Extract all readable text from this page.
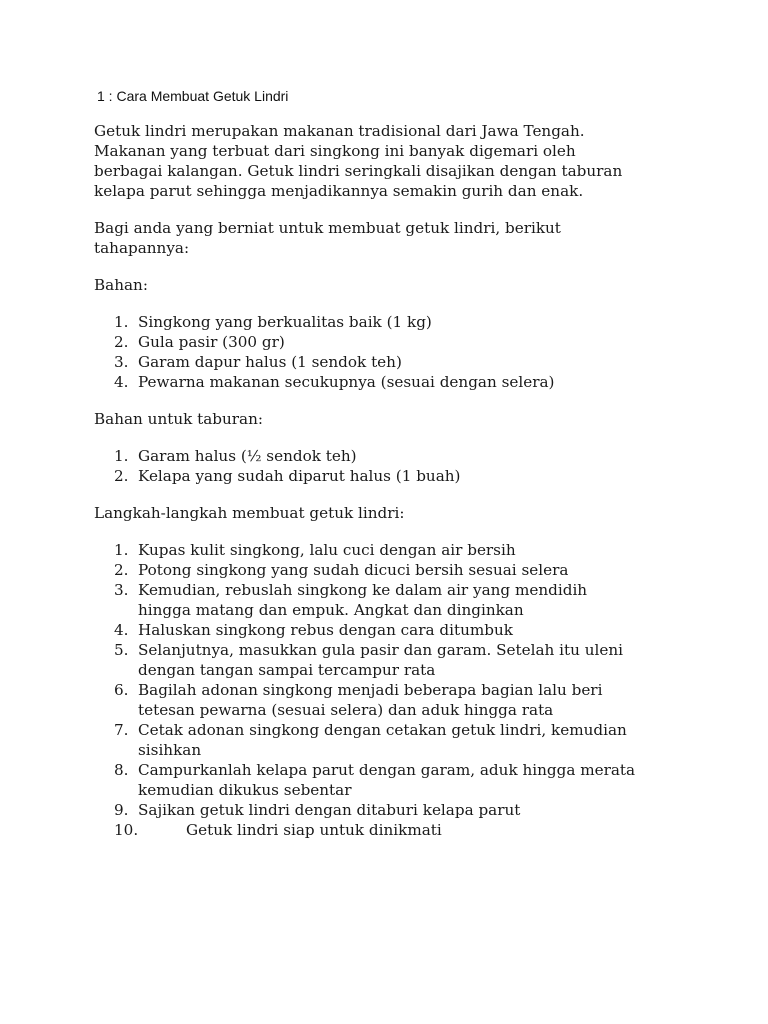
1 : Cara Membuat Getuk Lindri

Getuk lindri merupakan makanan tradisional dari Jawa Tengah.
Makanan yang terbuat dari singkong ini banyak digemari oleh
berbagai kalangan. Getuk lindri seringkali disajikan dengan taburan
kelapa parut sehingga menjadikannya semakin gurih dan enak.

Bagi anda yang berniat untuk membuat getuk lindri, berikut
tahapannya:

Bahan:

1. Singkong yang berkualitas baik (1 kg)
2. Gula pasir (300 gr)
3. Garam dapur halus (1 sendok teh)
4. Pewarna makanan secukupnya (sesuai dengan selera)

Bahan untuk taburan:

1. Garam halus (½ sendok teh)
2. Kelapa yang sudah diparut halus (1 buah)

Langkah-langkah membuat getuk lindri:

1. Kupas kulit singkong, lalu cuci dengan air bersih
2. Potong singkong yang sudah dicuci bersih sesuai selera
3. Kemudian, rebuslah singkong ke dalam air yang mendidih
hingga matang dan empuk. Angkat dan dinginkan
4. Haluskan singkong rebus dengan cara ditumbuk
5. Selanjutnya, masukkan gula pasir dan garam. Setelah itu uleni
dengan tangan sampai tercampur rata
6. Bagilah adonan singkong menjadi beberapa bagian lalu beri
tetesan pewarna (sesuai selera) dan aduk hingga rata
7. Cetak adonan singkong dengan cetakan getuk lindri, kemudian
sisihkan
8. Campurkanlah kelapa parut dengan garam, aduk hingga merata
kemudian dikukus sebentar
9. Sajikan getuk lindri dengan ditaburi kelapa parut
10.	Getuk lindri siap untuk dinikmati
